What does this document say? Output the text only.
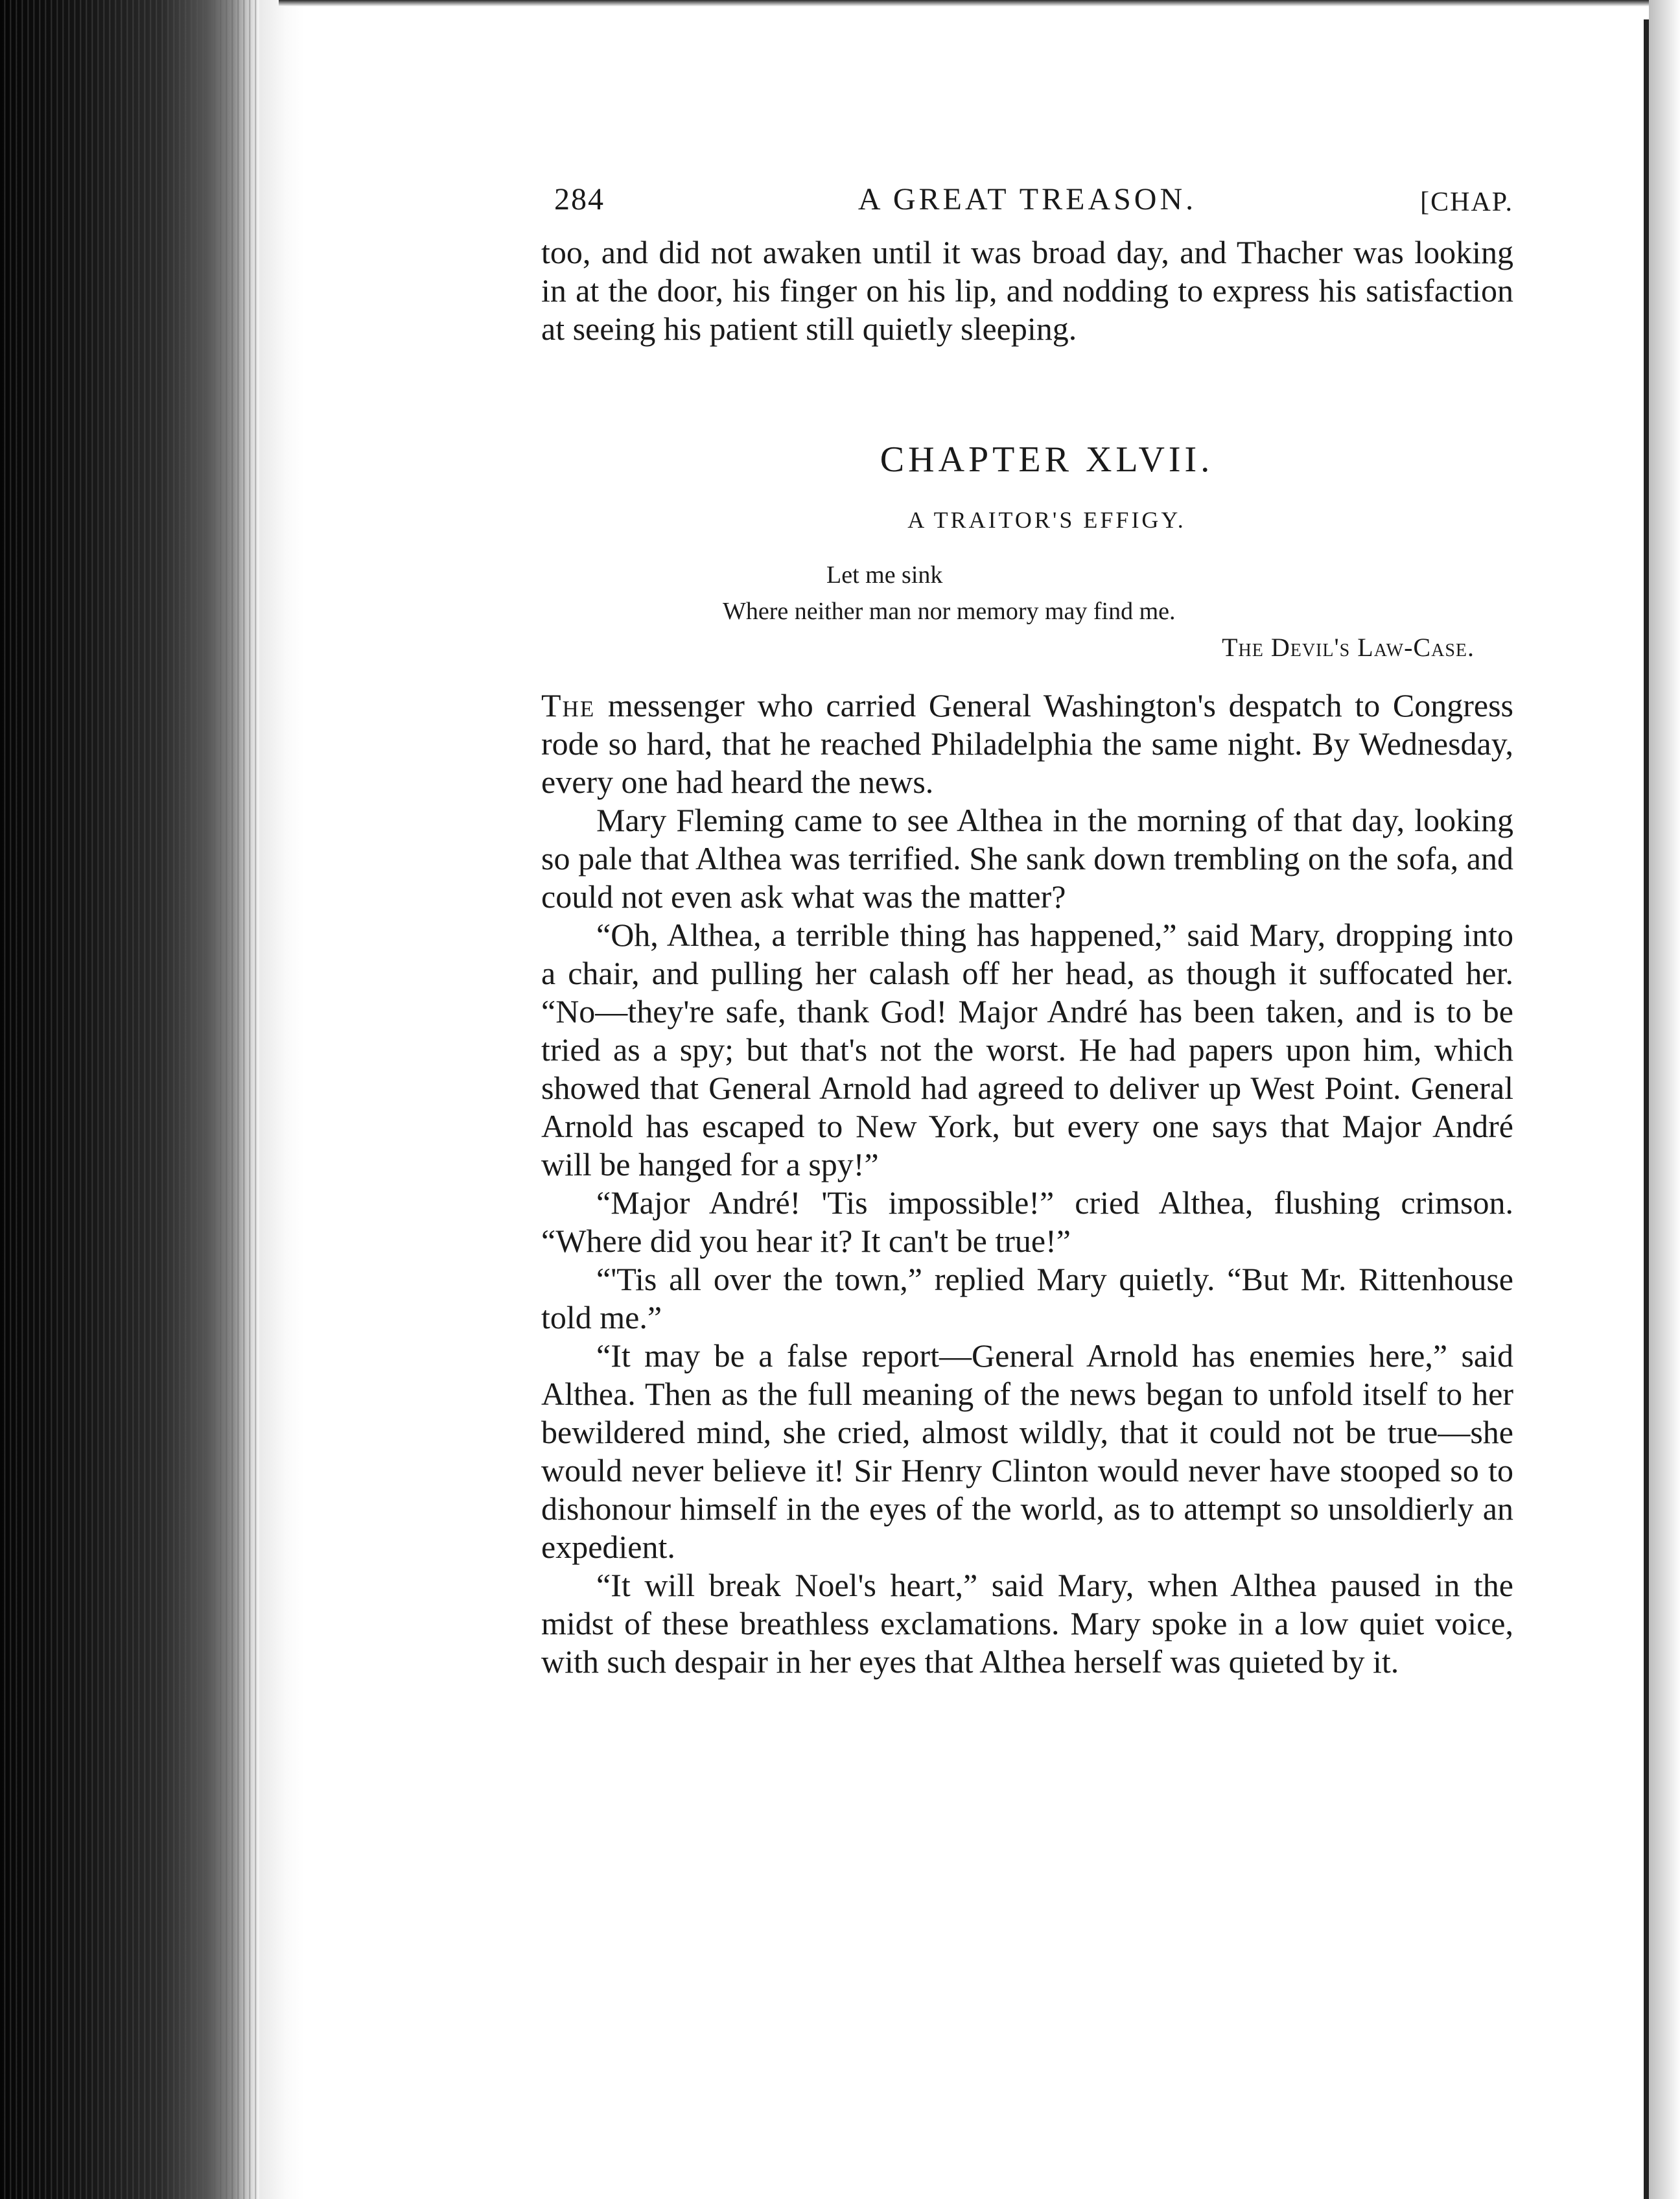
284	A GREAT TREASON.	[CHAP.

too, and did not awaken until it was broad day, and Thacher was looking in at the door, his finger on his lip, and nodding to express his satisfaction at seeing his patient still quietly sleeping.

CHAPTER XLVII.
A TRAITOR'S EFFIGY.
Let me sink
Where neither man nor memory may find me.
The Devil's Law-Case.

The messenger who carried General Washington's despatch to Congress rode so hard, that he reached Philadelphia the same night. By Wednesday, every one had heard the news.

Mary Fleming came to see Althea in the morning of that day, looking so pale that Althea was terrified. She sank down trembling on the sofa, and could not even ask what was the matter?

“Oh, Althea, a terrible thing has happened,” said Mary, dropping into a chair, and pulling her calash off her head, as though it suffocated her. “No—they're safe, thank God! Major André has been taken, and is to be tried as a spy; but that's not the worst. He had papers upon him, which showed that General Arnold had agreed to deliver up West Point. General Arnold has escaped to New York, but every one says that Major André will be hanged for a spy!”

“Major André! 'Tis impossible!” cried Althea, flushing crimson. “Where did you hear it? It can't be true!”

“'Tis all over the town,” replied Mary quietly. “But Mr. Rittenhouse told me.”

“It may be a false report—General Arnold has enemies here,” said Althea. Then as the full meaning of the news began to unfold itself to her bewildered mind, she cried, almost wildly, that it could not be true—she would never believe it! Sir Henry Clinton would never have stooped so to dishonour himself in the eyes of the world, as to attempt so unsoldierly an expedient.

“It will break Noel's heart,” said Mary, when Althea paused in the midst of these breathless exclamations. Mary spoke in a low quiet voice, with such despair in her eyes that Althea herself was quieted by it.
